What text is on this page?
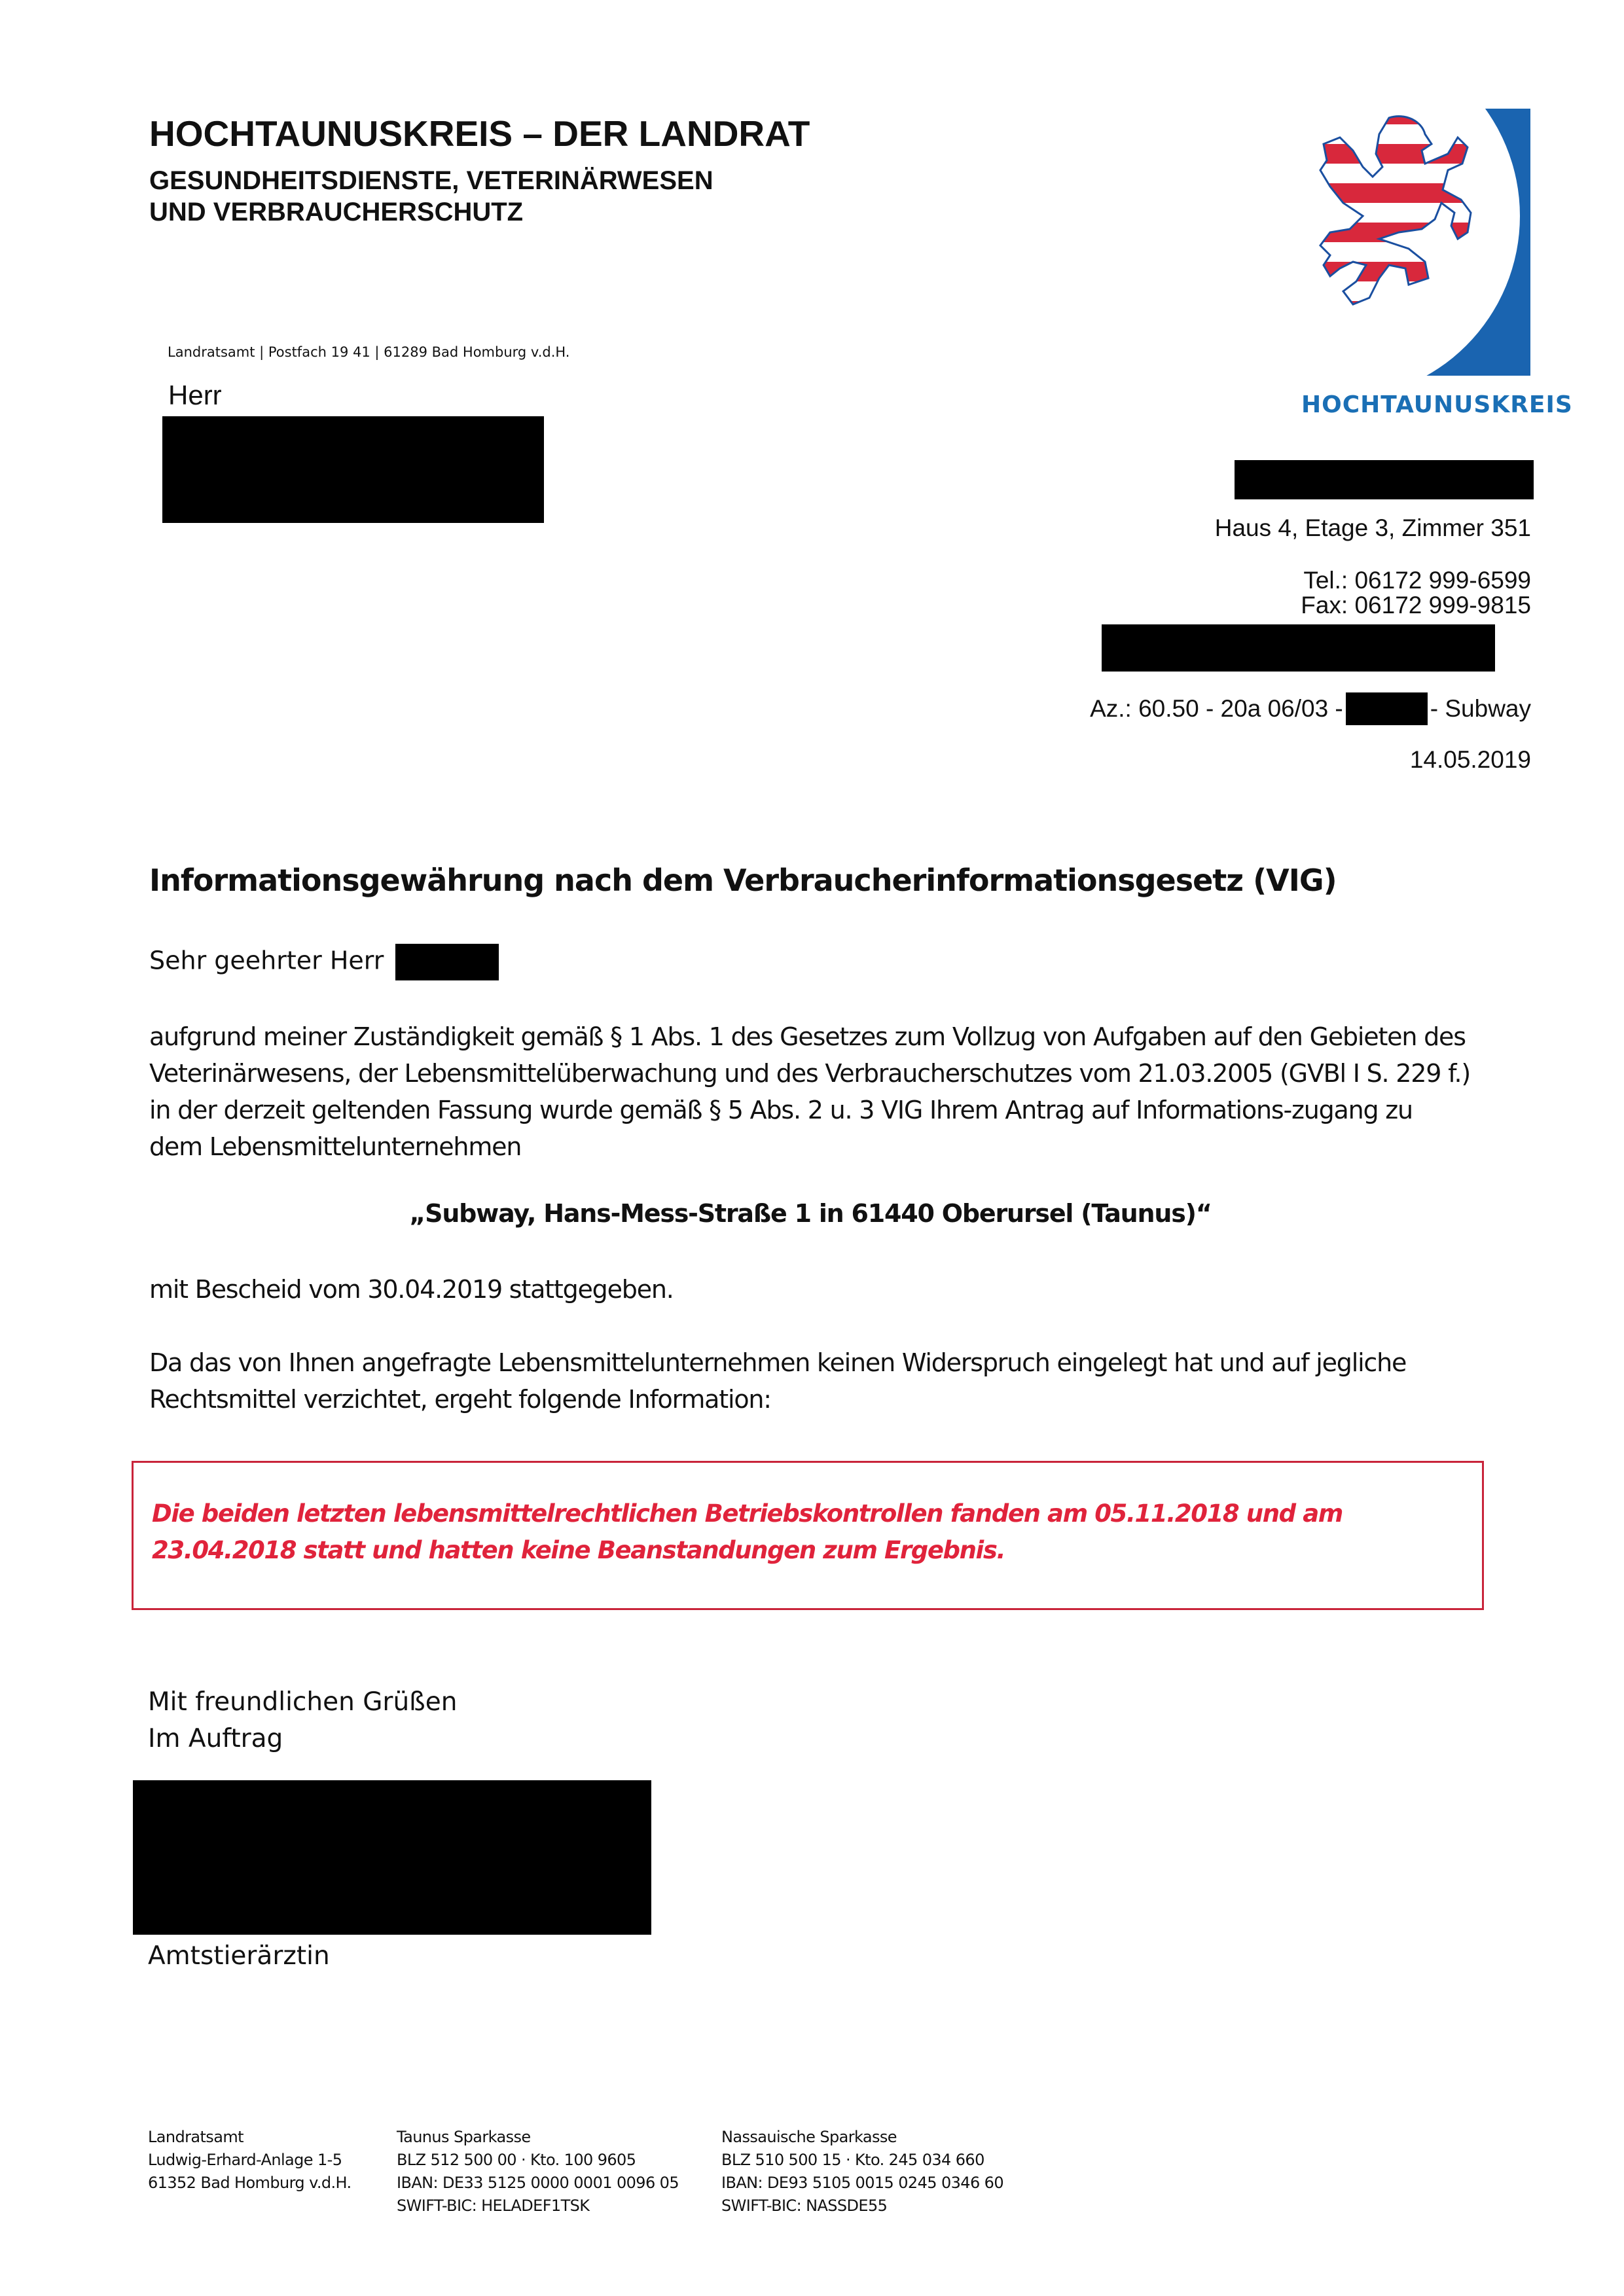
HOCHTAUNUSKREIS – DER LANDRAT
GESUNDHEITSDIENSTE, VETERINÄRWESEN
UND VERBRAUCHERSCHUTZ
HOCHTAUNUSKREIS
Landratsamt | Postfach 19 41 | 61289 Bad Homburg v.d.H.
Herr
Haus 4, Etage 3, Zimmer 351
Tel.: 06172 999-6599
Fax: 06172 999-9815
Az.: 60.50 - 20a 06/03 -	- Subway
14.05.2019
Informationsgewährung nach dem Verbraucherinformationsgesetz (VIG)
Sehr geehrter Herr
aufgrund meiner Zuständigkeit gemäß § 1 Abs. 1 des Gesetzes zum Vollzug von Aufgaben auf den Gebieten des Veterinärwesens, der Lebensmittelüberwachung und des Verbraucherschutzes vom 21.03.2005 (GVBl I S. 229 f.) in der derzeit geltenden Fassung wurde gemäß § 5 Abs. 2 u. 3 VIG Ihrem Antrag auf Informations-zugang zu dem Lebensmittelunternehmen
„Subway, Hans-Mess-Straße 1 in 61440 Oberursel (Taunus)“
mit Bescheid vom 30.04.2019 stattgegeben.
Da das von Ihnen angefragte Lebensmittelunternehmen keinen Widerspruch eingelegt hat und auf jegliche Rechtsmittel verzichtet, ergeht folgende Information:
Die beiden letzten lebensmittelrechtlichen Betriebskontrollen fanden am 05.11.2018 und am 23.04.2018 statt und hatten keine Beanstandungen zum Ergebnis.
Mit freundlichen Grüßen
Im Auftrag
Amtstierärztin
Landratsamt
Ludwig-Erhard-Anlage 1-5
61352 Bad Homburg v.d.H.
Taunus Sparkasse
BLZ 512 500 00 · Kto. 100 9605
IBAN: DE33 5125 0000 0001 0096 05
SWIFT-BIC: HELADEF1TSK
Nassauische Sparkasse
BLZ 510 500 15 · Kto. 245 034 660
IBAN: DE93 5105 0015 0245 0346 60
SWIFT-BIC: NASSDE55
